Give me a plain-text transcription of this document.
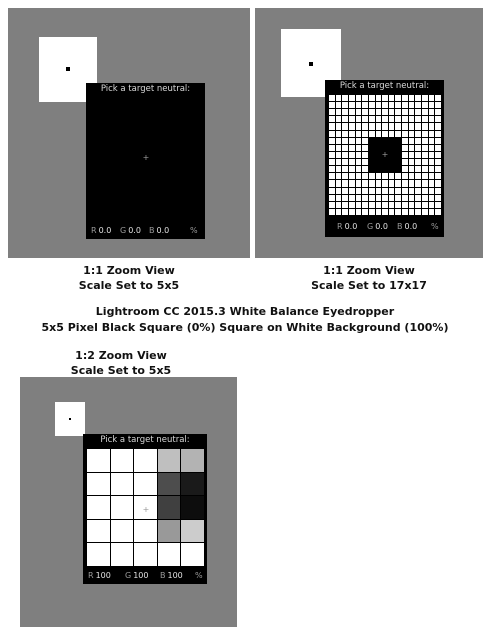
Pick a target neutral:
+
R 0.0 G 0.0 B 0.0	%
1:1 Zoom View
Scale Set to 5x5
Pick a target neutral:
+
R 0.0 G 0.0 B 0.0 %
1:1 Zoom View
Scale Set to 17x17
Lightroom CC 2015.3 White Balance Eyedropper
5x5 Pixel Black Square (0%) Square on White Background (100%)
1:2 Zoom View
Scale Set to 5x5
Pick a target neutral:
+
R 100 G 100 B 100 %
